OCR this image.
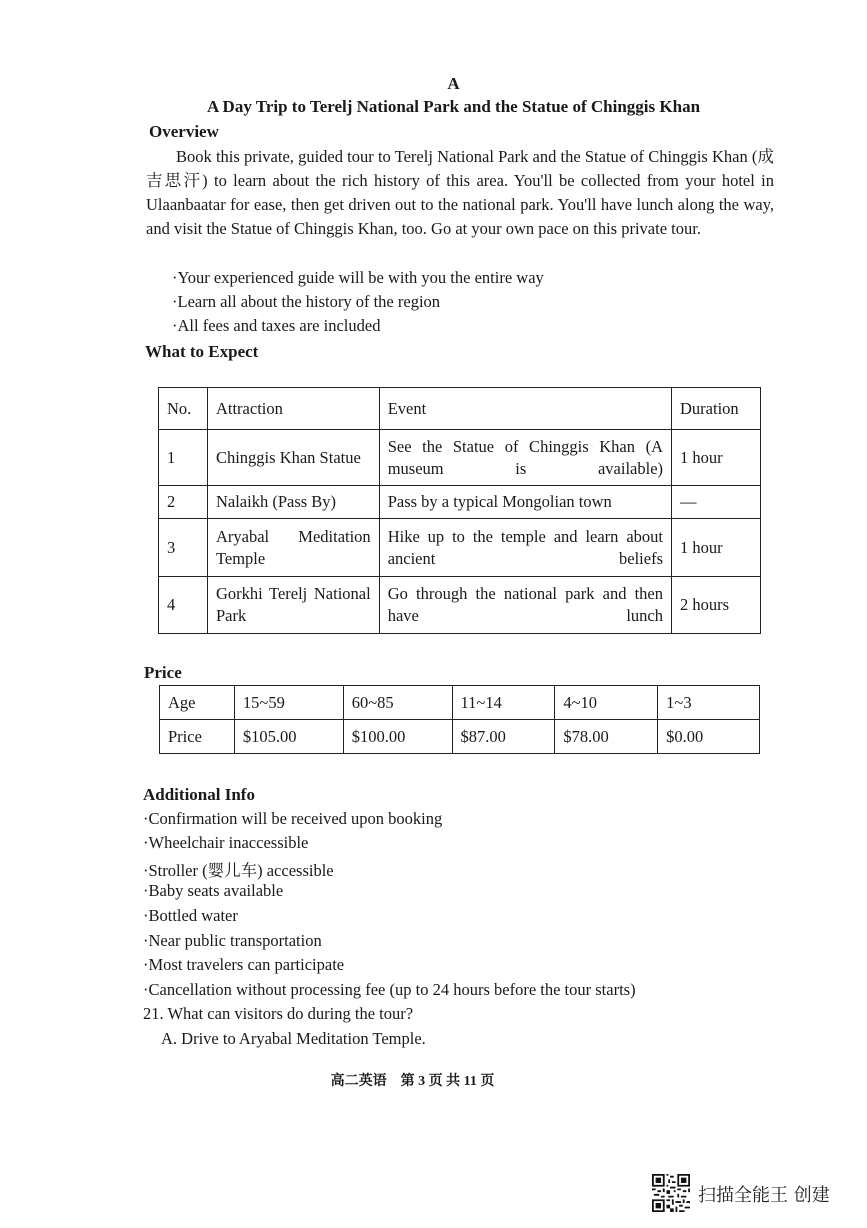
A
A Day Trip to Terelj National Park and the Statue of Chinggis Khan
Overview
Book this private, guided tour to Terelj National Park and the Statue of Chinggis Khan (成吉思汗) to learn about the rich history of this area. You'll be collected from your hotel in Ulaanbaatar for ease, then get driven out to the national park. You'll have lunch along the way, and visit the Statue of Chinggis Khan, too. Go at your own pace on this private tour.
·Your experienced guide will be with you the entire way
·Learn all about the history of the region
·All fees and taxes are included
What to Expect
No.	Attraction	Event	Duration
1	Chinggis Khan Statue	See the Statue of Chinggis Khan (A museum is available)	1 hour
2	Nalaikh (Pass By)	Pass by a typical Mongolian town	—
3	Aryabal Meditation Temple	Hike up to the temple and learn about ancient beliefs	1 hour
4	Gorkhi Terelj National Park	Go through the national park and then have lunch	2 hours
Price
Age	15~59	60~85	11~14	4~10	1~3
Price	$105.00	$100.00	$87.00	$78.00	$0.00
Additional Info
·Confirmation will be received upon booking
·Wheelchair inaccessible
·Stroller (婴儿车) accessible
·Baby seats available
·Bottled water
·Near public transportation
·Most travelers can participate
·Cancellation without processing fee (up to 24 hours before the tour starts)
21. What can visitors do during the tour?
A. Drive to Aryabal Meditation Temple.
高二英语　第 3 页 共 11 页
扫描全能王 创建
